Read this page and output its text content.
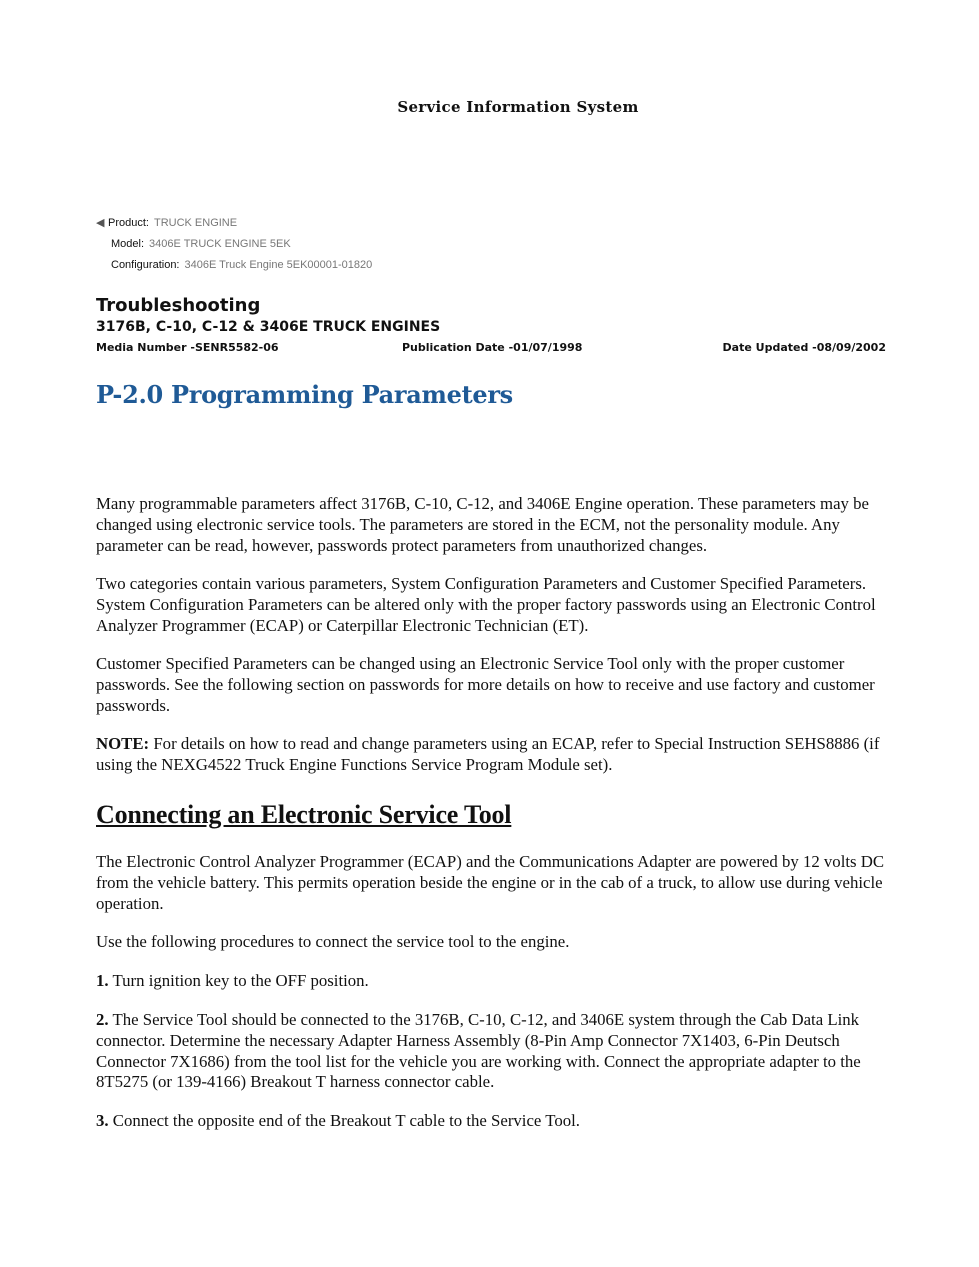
Service Information System
◀ Product: TRUCK ENGINE
Model: 3406E TRUCK ENGINE 5EK
Configuration: 3406E Truck Engine 5EK00001-01820
Troubleshooting
3176B, C-10, C-12 & 3406E TRUCK ENGINES
Media Number -SENR5582-06	Publication Date -01/07/1998	Date Updated -08/09/2002
P-2.0 Programming Parameters

Many programmable parameters affect 3176B, C-10, C-12, and 3406E Engine operation. These parameters may be changed using electronic service tools. The parameters are stored in the ECM, not the personality module. Any parameter can be read, however, passwords protect parameters from unauthorized changes.

Two categories contain various parameters, System Configuration Parameters and Customer Specified Parameters. System Configuration Parameters can be altered only with the proper factory passwords using an Electronic Control Analyzer Programmer (ECAP) or Caterpillar Electronic Technician (ET).

Customer Specified Parameters can be changed using an Electronic Service Tool only with the proper customer passwords. See the following section on passwords for more details on how to receive and use factory and customer passwords.

NOTE: For details on how to read and change parameters using an ECAP, refer to Special Instruction SEHS8886 (if using the NEXG4522 Truck Engine Functions Service Program Module set).

Connecting an Electronic Service Tool

The Electronic Control Analyzer Programmer (ECAP) and the Communications Adapter are powered by 12 volts DC from the vehicle battery. This permits operation beside the engine or in the cab of a truck, to allow use during vehicle operation.

Use the following procedures to connect the service tool to the engine.

1. Turn ignition key to the OFF position.

2. The Service Tool should be connected to the 3176B, C-10, C-12, and 3406E system through the Cab Data Link connector. Determine the necessary Adapter Harness Assembly (8-Pin Amp Connector 7X1403, 6-Pin Deutsch Connector 7X1686) from the tool list for the vehicle you are working with. Connect the appropriate adapter to the 8T5275 (or 139-4166) Breakout T harness connector cable.

3. Connect the opposite end of the Breakout T cable to the Service Tool.
